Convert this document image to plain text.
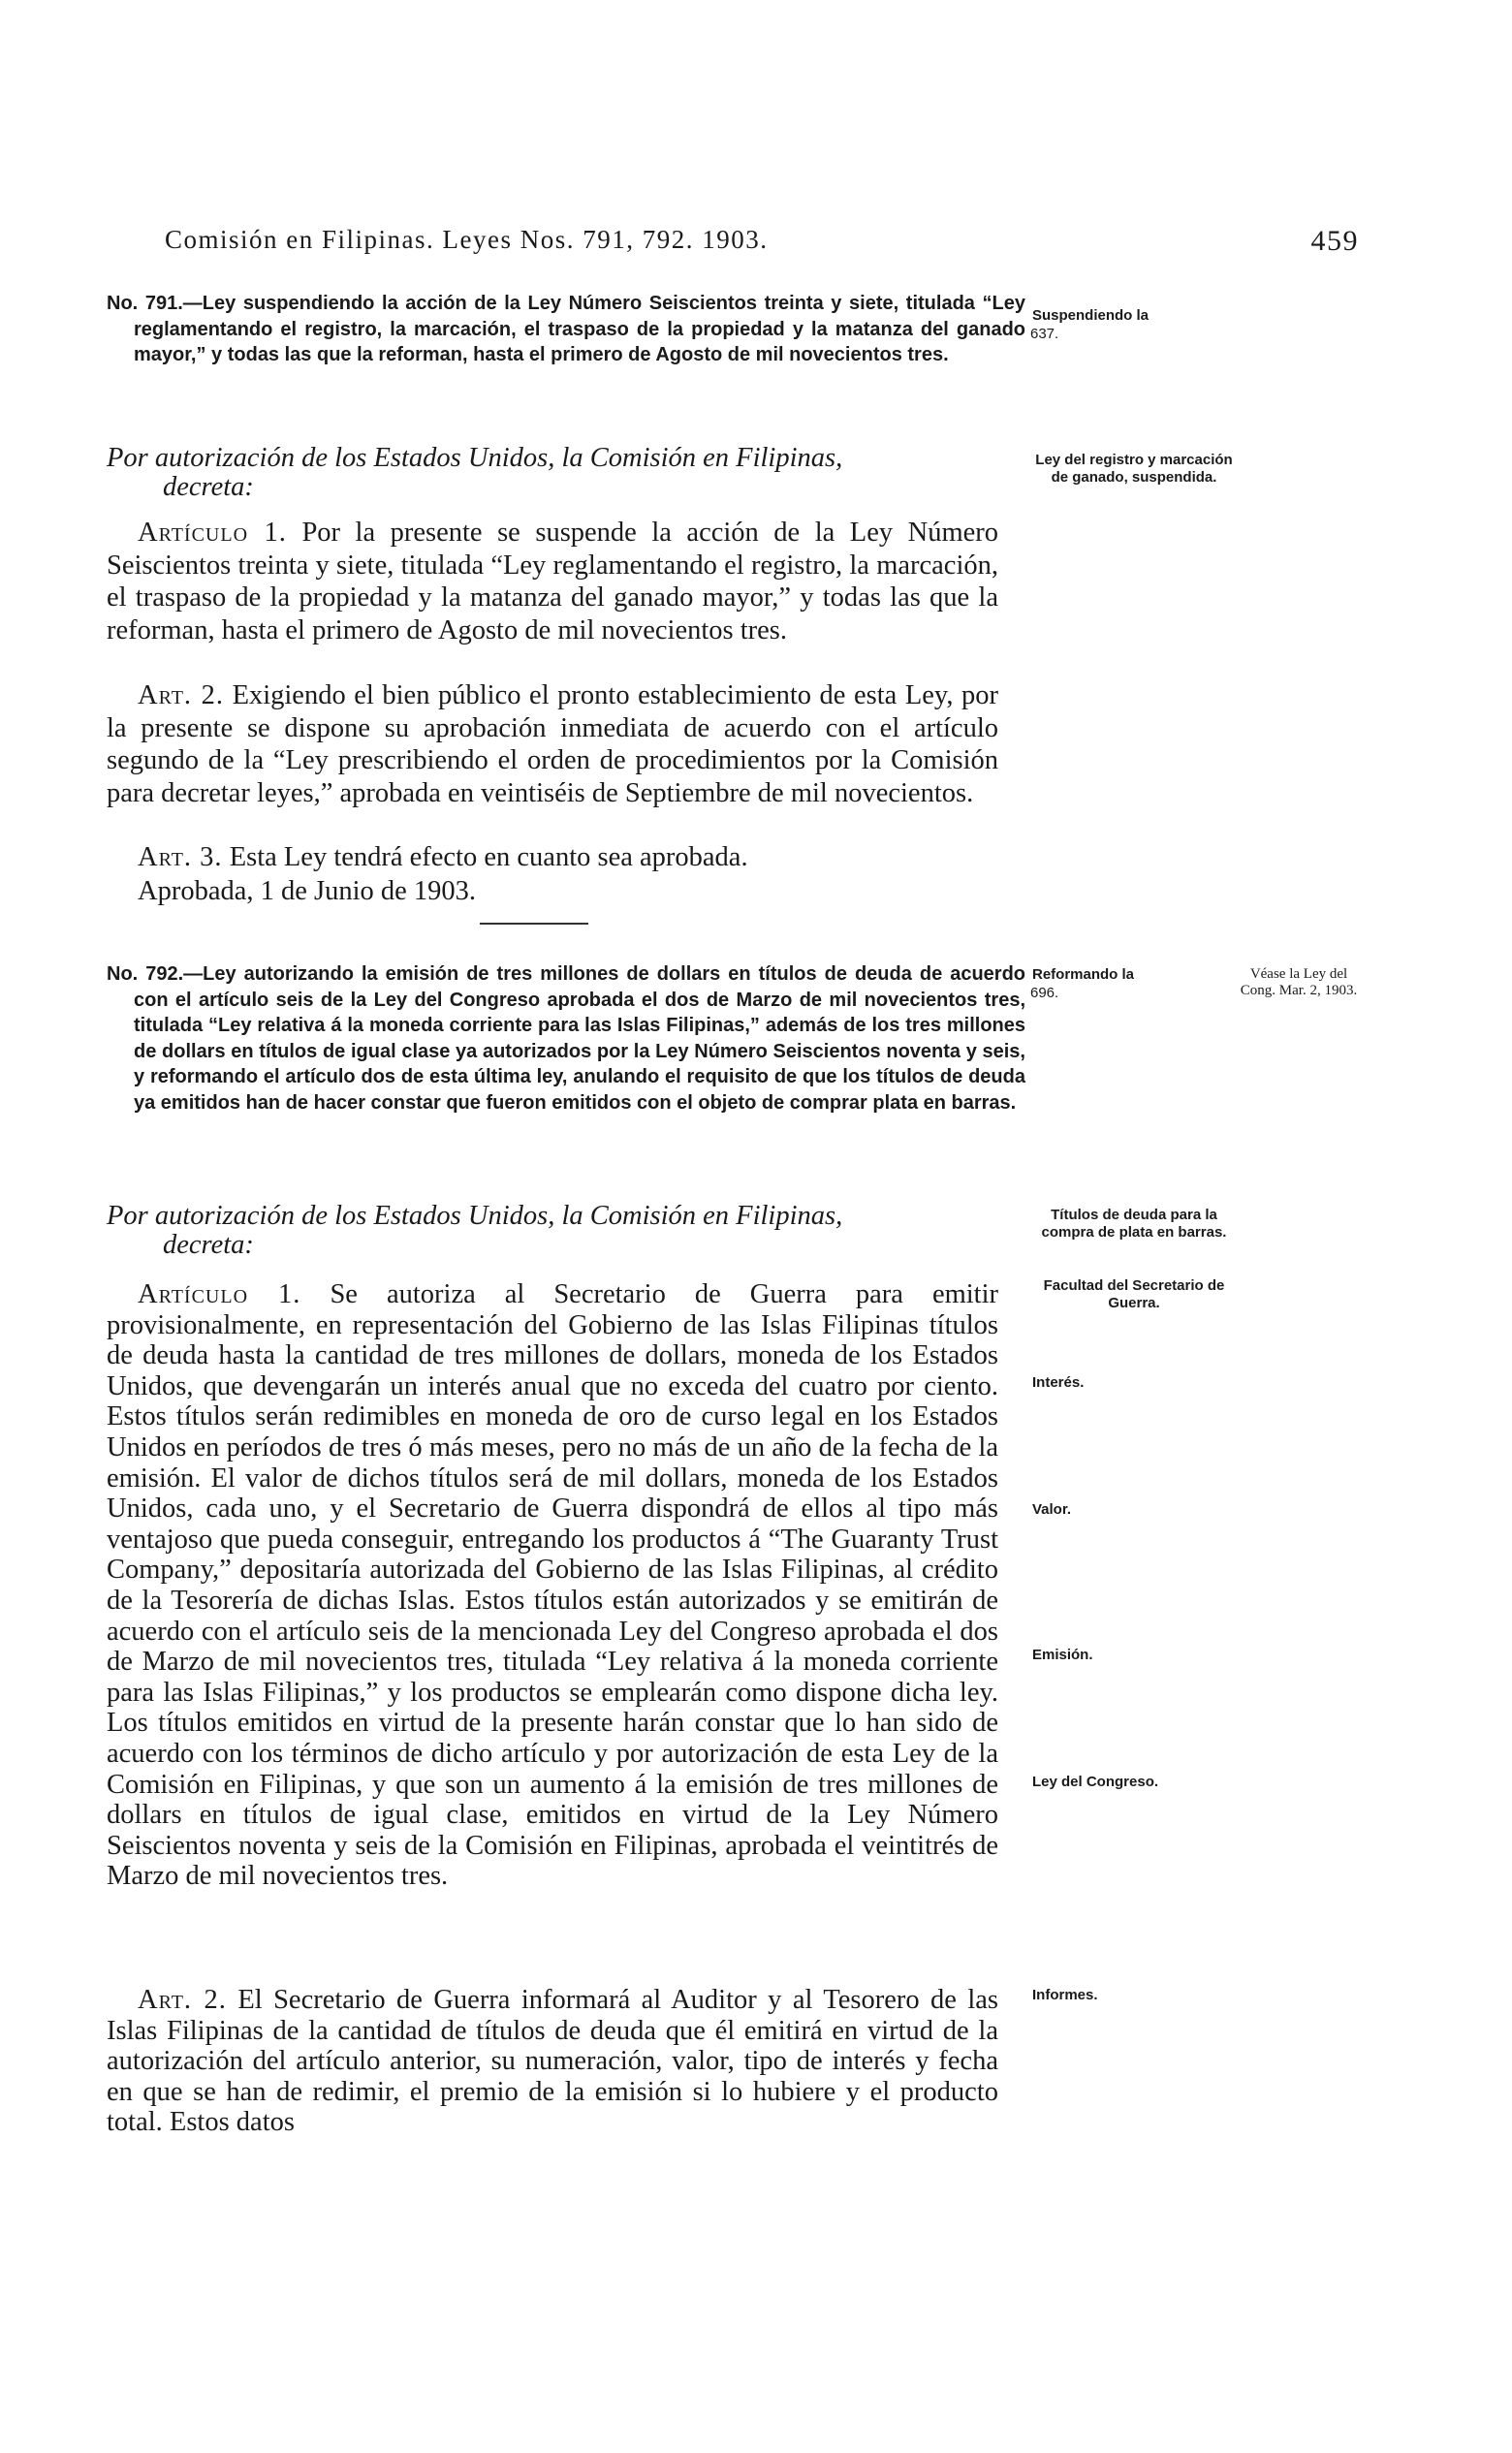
Comisión en Filipinas. Leyes Nos. 791, 792. 1903.	459
No. 791.—Ley suspendiendo la acción de la Ley Número Seiscientos treinta y siete, titulada “Ley reglamentando el registro, la marcación, el traspaso de la propiedad y la matanza del ganado mayor,” y todas las que la reforman, hasta el primero de Agosto de mil novecientos tres.
Por autorización de los Estados Unidos, la Comisión en Filipinas,
decreta:

Artículo 1. Por la presente se suspende la acción de la Ley Número Seiscientos treinta y siete, titulada “Ley reglamentando el registro, la marcación, el traspaso de la propiedad y la matanza del ganado mayor,” y todas las que la reforman, hasta el primero de Agosto de mil novecientos tres.

Art. 2. Exigiendo el bien público el pronto establecimiento de esta Ley, por la presente se dispone su aprobación inmediata de acuerdo con el artículo segundo de la “Ley prescribiendo el orden de procedimientos por la Comisión para decretar leyes,” aprobada en veintiséis de Septiembre de mil novecientos.

Art. 3. Esta Ley tendrá efecto en cuanto sea aprobada.

Aprobada, 1 de Junio de 1903.
Suspendiendo la
637.
Ley del registro y marcación de ganado, suspendida.
No. 792.—Ley autorizando la emisión de tres millones de dollars en títulos de deuda de acuerdo con el artículo seis de la Ley del Congreso aprobada el dos de Marzo de mil novecientos tres, titulada “Ley relativa á la moneda corriente para las Islas Filipinas,” además de los tres millones de dollars en títulos de igual clase ya autorizados por la Ley Número Seiscientos noventa y seis, y reformando el artículo dos de esta última ley, anulando el requisito de que los títulos de deuda ya emitidos han de hacer constar que fueron emitidos con el objeto de comprar plata en barras.
Por autorización de los Estados Unidos, la Comisión en Filipinas,
decreta:

Artículo 1. Se autoriza al Secretario de Guerra para emitir provisionalmente, en representación del Gobierno de las Islas Filipinas títulos de deuda hasta la cantidad de tres millones de dollars, moneda de los Estados Unidos, que devengarán un interés anual que no exceda del cuatro por ciento. Estos títulos serán redimibles en moneda de oro de curso legal en los Estados Unidos en períodos de tres ó más meses, pero no más de un año de la fecha de la emisión. El valor de dichos títulos será de mil dollars, moneda de los Estados Unidos, cada uno, y el Secretario de Guerra dispondrá de ellos al tipo más ventajoso que pueda conseguir, entregando los productos á “The Guaranty Trust Company,” depositaría autorizada del Gobierno de las Islas Filipinas, al crédito de la Tesorería de dichas Islas. Estos títulos están autorizados y se emitirán de acuerdo con el artículo seis de la mencionada Ley del Congreso aprobada el dos de Marzo de mil novecientos tres, titulada “Ley relativa á la moneda corriente para las Islas Filipinas,” y los productos se emplearán como dispone dicha ley. Los títulos emitidos en virtud de la presente harán constar que lo han sido de acuerdo con los términos de dicho artículo y por autorización de esta Ley de la Comisión en Filipinas, y que son un aumento á la emisión de tres millones de dollars en títulos de igual clase, emitidos en virtud de la Ley Número Seiscientos noventa y seis de la Comisión en Filipinas, aprobada el veintitrés de Marzo de mil novecientos tres.

Art. 2. El Secretario de Guerra informará al Auditor y al Tesorero de las Islas Filipinas de la cantidad de títulos de deuda que él emitirá en virtud de la autorización del artículo anterior, su numeración, valor, tipo de interés y fecha en que se han de redimir, el premio de la emisión si lo hubiere y el producto total. Estos datos

Reformando la
696.
Véase la Ley del Cong. Mar. 2, 1903.
Títulos de deuda para la compra de plata en barras.
Facultad del Secretario de Guerra.
Interés.
Valor.
Emisión.
Ley del Congreso.
Informes.
